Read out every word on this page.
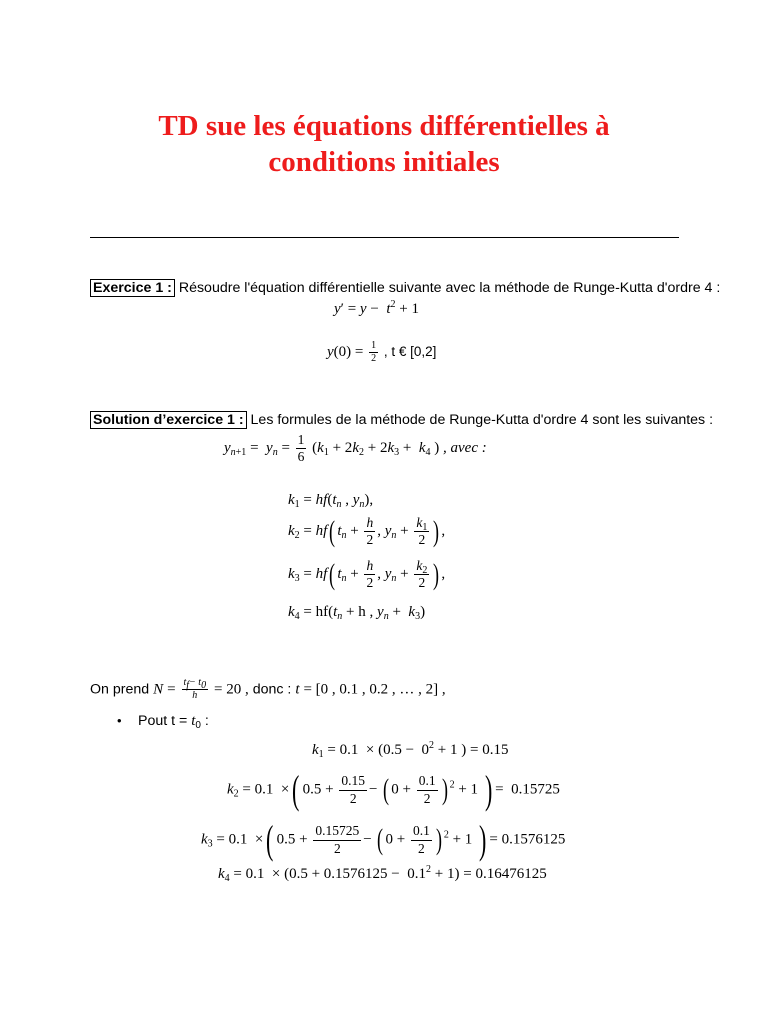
TD sue les équations différentielles à
conditions initiales
Exercice 1 : Résoudre l'équation différentielle suivante avec la méthode de Runge-Kutta d'ordre 4 :
$y' = y - t^2 + 1$
$y(0) = \frac{1}{2}$ , t € [0,2]
Solution d’exercice 1 : Les formules de la méthode de Runge-Kutta d'ordre 4 sont les suivantes :
$y_{n+1} = y_n = \frac{1}{6} (k_1 + 2k_2 + 2k_3 + k_4$ ) , avec :
$k_1 = hf(t_n$ , $y_n$),
$k_2 = hf$( $t_n + \frac{h}{2}$ , $y_n + \frac{k_1}{2}$ ) ,
$k_3 = hf$( $t_n + \frac{h}{2}$ , $y_n + \frac{k_2}{2}$ ) ,
$k_4 = hf(t_n + h$ , $y_n + k_3$)
On prend $N = \frac{t_f- t_0}{h} = 20$ , donc : t = [0 , 0.1 , 0.2 , … , 2] ,
• Pout $t = t_0$ :
$k_1 = 0.1 \times (0.5 - 0^2 + 1$ ) = 0.15
$k_2 = 0.1$  ×( $0.5 + \frac{0.15}{2}$ − ( $0 + \frac{0.1}{2}$ ) $^2$ + 1 ) =  0.15725
$k_3 = 0.1$  ×( $0.5 + \frac{0.15725}{2}$ − ( $0 + \frac{0.1}{2}$ ) $^2$ + 1 ) = 0.1576125
$k_4 = 0.1 \times (0.5 + 0.1576125 - 0.1^2 + 1) = 0.16476125$
